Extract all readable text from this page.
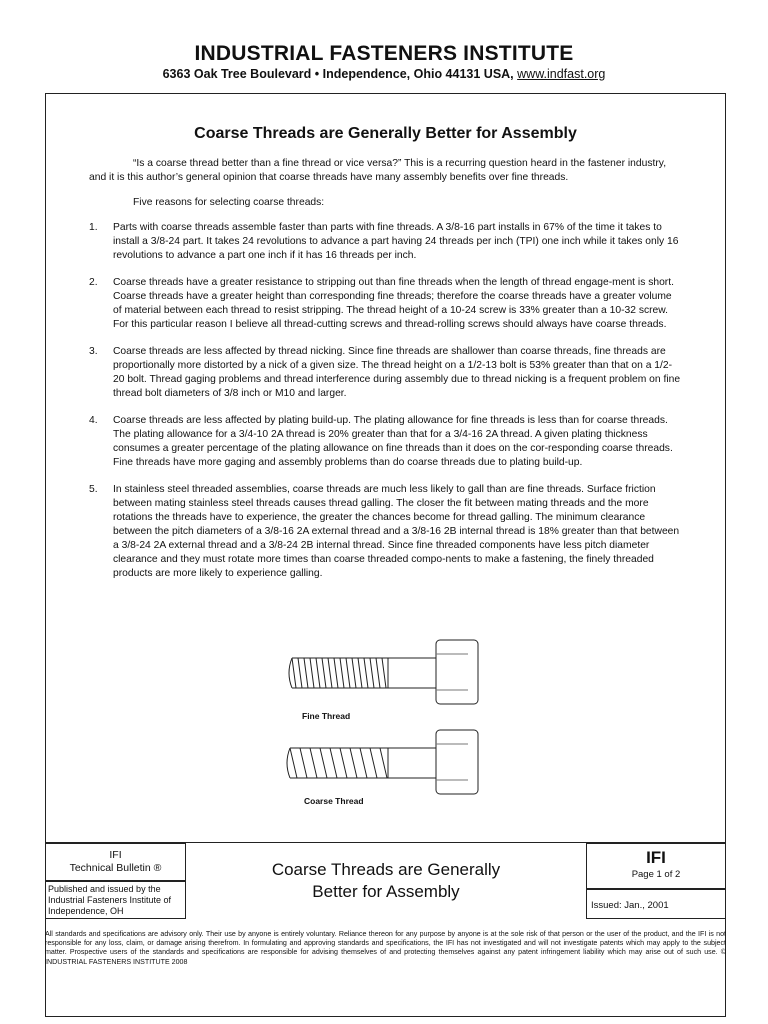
INDUSTRIAL FASTENERS INSTITUTE
6363 Oak Tree Boulevard • Independence, Ohio 44131 USA, www.indfast.org
Coarse Threads are Generally Better for Assembly

“Is a coarse thread better than a fine thread or vice versa?” This is a recurring question heard in the fastener industry, and it is this author’s general opinion that coarse threads have many assembly benefits over fine threads.

Five reasons for selecting coarse threads:

1. Parts with coarse threads assemble faster than parts with fine threads. A 3/8-16 part installs in 67% of the time it takes to install a 3/8-24 part. It takes 24 revolutions to advance a part having 24 threads per inch (TPI) one inch while it takes only 16 revolutions to advance a part one inch if it has 16 threads per inch.
2. Coarse threads have a greater resistance to stripping out than fine threads when the length of thread engage-ment is short. Coarse threads have a greater height than corresponding fine threads; therefore the coarse threads have a greater volume of material between each thread to resist stripping. The thread height of a 10-24 screw is 33% greater than a 10-32 screw. For this particular reason I believe all thread-cutting screws and thread-rolling screws should always have coarse threads.
3. Coarse threads are less affected by thread nicking. Since fine threads are shallower than coarse threads, fine threads are proportionally more distorted by a nick of a given size. The thread height on a 1/2-13 bolt is 53% greater than that on a 1/2-20 bolt. Thread gaging problems and thread interference during assembly due to thread nicking is a frequent problem on fine thread bolt diameters of 3/8 inch or M10 and larger.
4. Coarse threads are less affected by plating build-up. The plating allowance for fine threads is less than for coarse threads. The plating allowance for a 3/4-10 2A thread is 20% greater than that for a 3/4-16 2A thread. A given plating thickness consumes a greater percentage of the plating allowance on fine threads than it does on the cor-responding coarse threads. Fine threads have more gaging and assembly problems than do coarse threads due to plating build-up.
5. In stainless steel threaded assemblies, coarse threads are much less likely to gall than are fine threads. Surface friction between mating stainless steel threads causes thread galling. The closer the fit between mating threads and the more rotations the threads have to experience, the greater the chances become for thread galling. The minimum clearance between the pitch diameters of a 3/8-16 2A external thread and a 3/8-16 2B internal thread is 18% greater than that between a 3/8-24 2A external thread and a 3/8-24 2B internal thread. Since fine threaded components have less pitch diameter clearance and they must rotate more times than coarse threaded compo-nents to make a fastening, the finely threaded products are more likely to experience galling.
Fine Thread
Coarse Thread
IFI
Technical Bulletin ®
Published and issued by the Industrial Fasteners Institute of Independence, OH
Coarse Threads are Generally
Better for Assembly
IFI
Page 1 of 2
Issued: Jan., 2001
All standards and specifications are advisory only. Their use by anyone is entirely voluntary. Reliance thereon for any purpose by anyone is at the sole risk of that person or the user of the product, and the IFI is not responsible for any loss, claim, or damage arising therefrom. In formulating and approving standards and specifications, the IFI has not investigated and will not investigate patents which may apply to the subject matter. Prospective users of the standards and specifications are responsible for advising themselves of and protecting themselves against any patent infringement liability which may arise out of such use. © INDUSTRIAL FASTENERS INSTITUTE 2008
